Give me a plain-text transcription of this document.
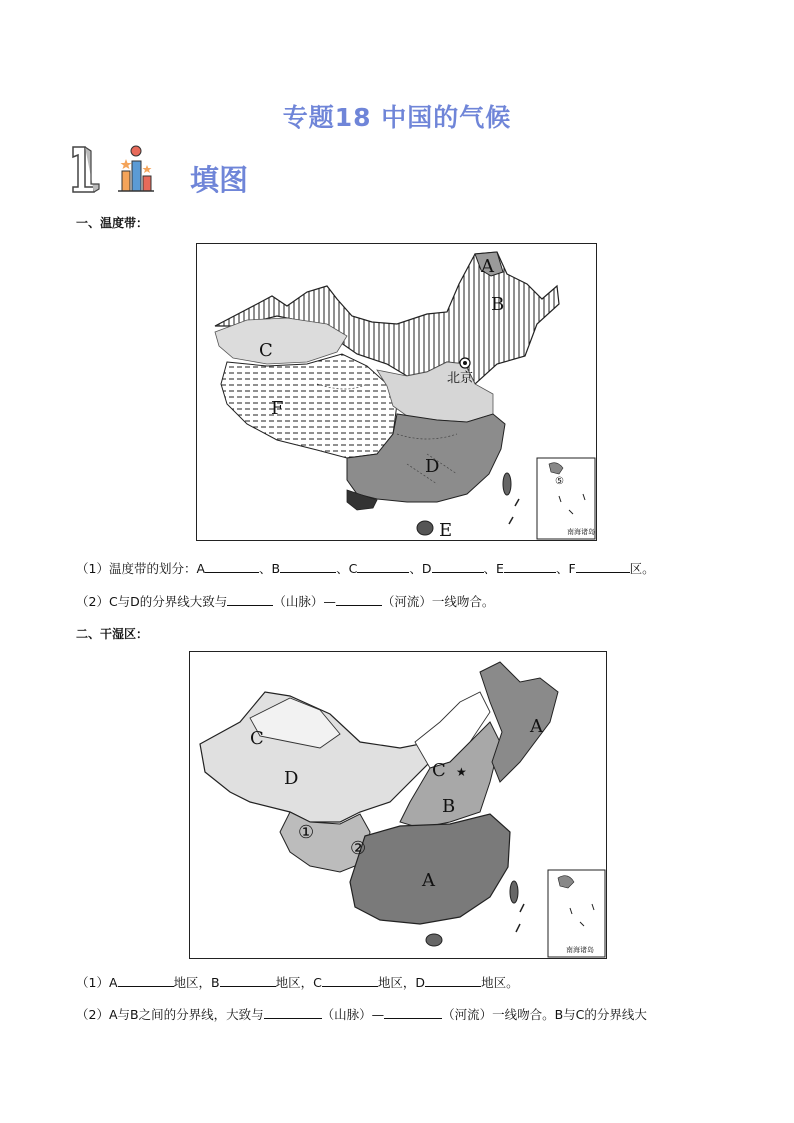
专题18 中国的气候
填图
一、温度带：
北京
A
B
C
D
E
F
⑤
南海诸岛
（1）温度带的划分：A	、B	、C	、D	、E	、F	区。
（2）C与D的分界线大致与	（山脉）—	（河流）一线吻合。
二、干湿区：
★
A
B
C
C
D
A
①
②
南海诸岛
（1）A	地区，B	地区，C	地区，D	地区。
（2）A与B之间的分界线，大致与	（山脉）—	（河流）一线吻合。B与C的分界线大
